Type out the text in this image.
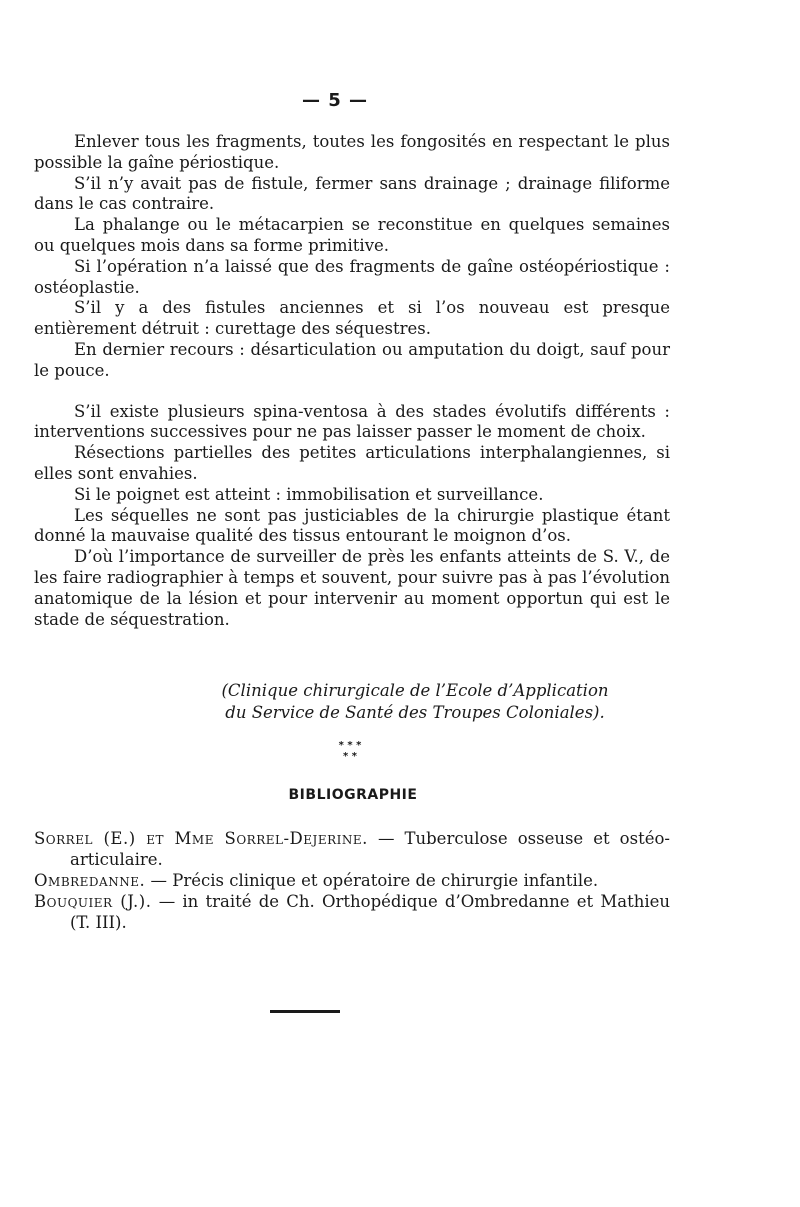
— 5 —

Enlever tous les fragments, toutes les fongosités en respectant le plus possible la gaîne périostique.

S’il n’y avait pas de fistule, fermer sans drainage ; drainage filiforme dans le cas contraire.

La phalange ou le métacarpien se reconstitue en quelques semaines ou quelques mois dans sa forme primitive.

Si l’opération n’a laissé que des fragments de gaîne ostéopériostique : ostéoplastie.

S’il y a des fistules anciennes et si l’os nouveau est presque entièrement détruit : curettage des séquestres.

En dernier recours : désarticulation ou amputation du doigt, sauf pour le pouce.

S’il existe plusieurs spina-ventosa à des stades évolutifs différents : interventions successives pour ne pas laisser passer le moment de choix.

Résections partielles des petites articulations interphalangiennes, si elles sont envahies.

Si le poignet est atteint : immobilisation et surveillance.

Les séquelles ne sont pas justiciables de la chirurgie plastique étant donné la mauvaise qualité des tissus entourant le moignon d’os.

D’où l’importance de surveiller de près les enfants atteints de S. V., de les faire radiographier à temps et souvent, pour suivre pas à pas l’évolution anatomique de la lésion et pour intervenir au moment opportun qui est le stade de séquestration.

(Clinique chirurgicale de l’Ecole d’Application
du Service de Santé des Troupes Coloniales).
* * *
* *
BIBLIOGRAPHIE
Sorrel (E.) et Mme Sorrel-Dejerine. — Tuberculose osseuse et ostéo-articulaire.
Ombredanne. — Précis clinique et opératoire de chirurgie infantile.
Bouquier (J.). — in traité de Ch. Orthopédique d’Ombredanne et Mathieu (T. III).
